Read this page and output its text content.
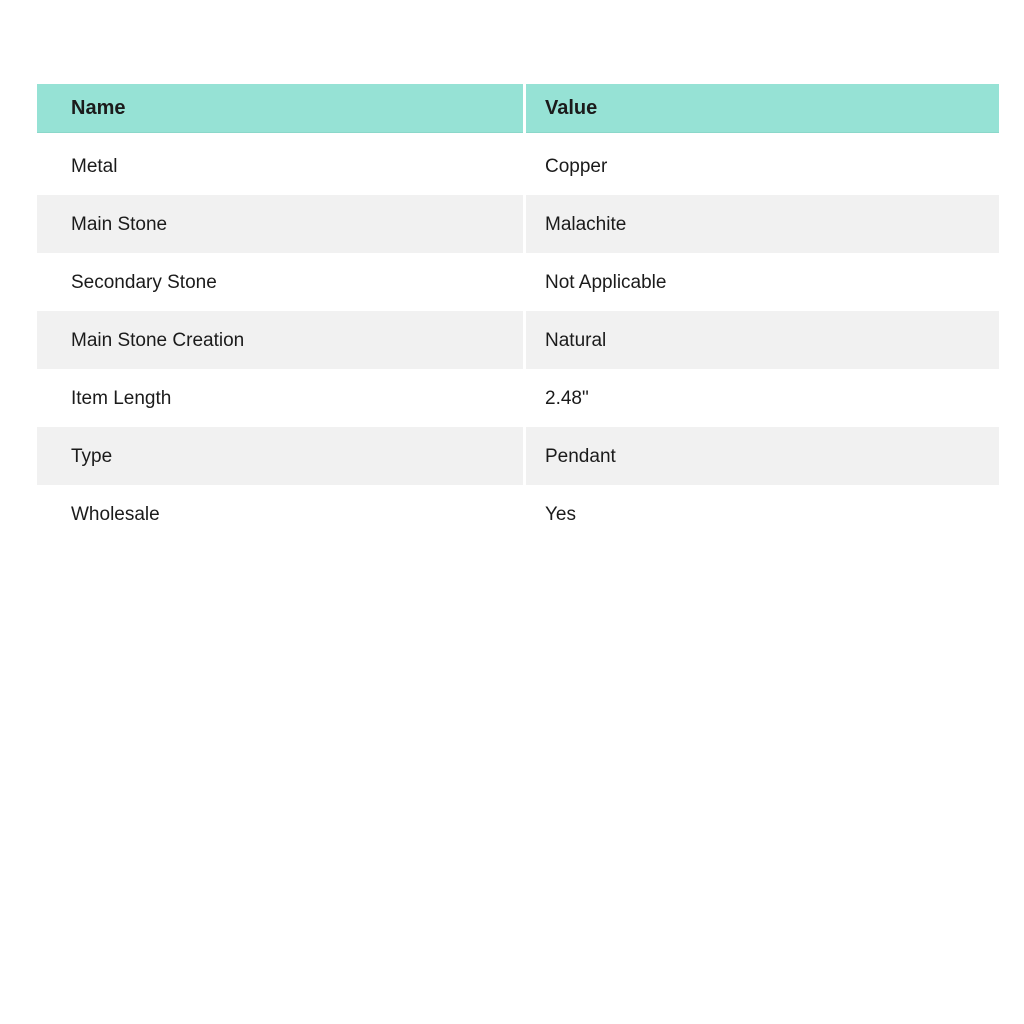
Name	Value
Metal	Copper
Main Stone	Malachite
Secondary Stone	Not Applicable
Main Stone Creation	Natural
Item Length	2.48"
Type	Pendant
Wholesale	Yes
